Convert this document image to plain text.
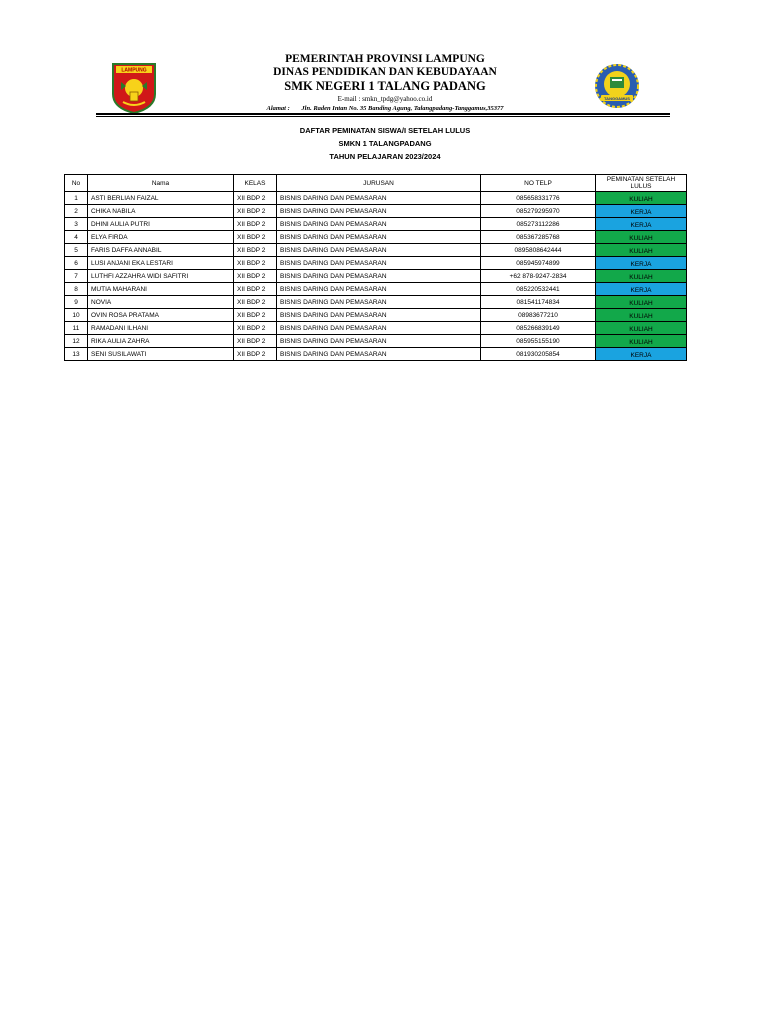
LAMPUNG
TANGGAMUS
PEMERINTAH PROVINSI LAMPUNG
DINAS PENDIDIKAN DAN KEBUDAYAAN
SMK NEGERI 1 TALANG PADANG
E-mail : smkn_tpdg@yahoo.co.id
Alamat : Jln. Raden Intan No. 35 Banding Agung, Talangpadang-Tanggamus,35377
DAFTAR PEMINATAN SISWA/I SETELAH LULUS
SMKN 1 TALANGPADANG
TAHUN PELAJARAN 2023/2024
No	Nama	KELAS	JURUSAN	NO TELP	PEMINATAN SETELAH LULUS
1	ASTI BERLIAN FAIZAL	XII BDP 2	BISNIS DARING DAN PEMASARAN	085658331776	KULIAH

2	CHIKA NABILA	XII BDP 2	BISNIS DARING DAN PEMASARAN	085279295970	KERJA

3	DHINI AULIA PUTRI	XII BDP 2	BISNIS DARING DAN PEMASARAN	085273112286	KERJA

4	ELYA FIRDA	XII BDP 2	BISNIS DARING DAN PEMASARAN	085367285768	KULIAH

5	FARIS DAFFA ANNABIL	XII BDP 2	BISNIS DARING DAN PEMASARAN	0895808642444	KULIAH

6	LUSI ANJANI EKA LESTARI	XII BDP 2	BISNIS DARING DAN PEMASARAN	085945974899	KERJA

7	LUTHFI AZZAHRA WIDI SAFITRI	XII BDP 2	BISNIS DARING DAN PEMASARAN	+62 878-9247-2834	KULIAH

8	MUTIA MAHARANI	XII BDP 2	BISNIS DARING DAN PEMASARAN	085220532441	KERJA

9	NOVIA	XII BDP 2	BISNIS DARING DAN PEMASARAN	081541174834	KULIAH

10	OVIN ROSA PRATAMA	XII BDP 2	BISNIS DARING DAN PEMASARAN	08983677210	KULIAH

11	RAMADANI ILHANI	XII BDP 2	BISNIS DARING DAN PEMASARAN	085266839149	KULIAH

12	RIKA AULIA ZAHRA	XII BDP 2	BISNIS DARING DAN PEMASARAN	085955155190	KULIAH

13	SENI SUSILAWATI	XII BDP 2	BISNIS DARING DAN PEMASARAN	081930205854	KERJA
